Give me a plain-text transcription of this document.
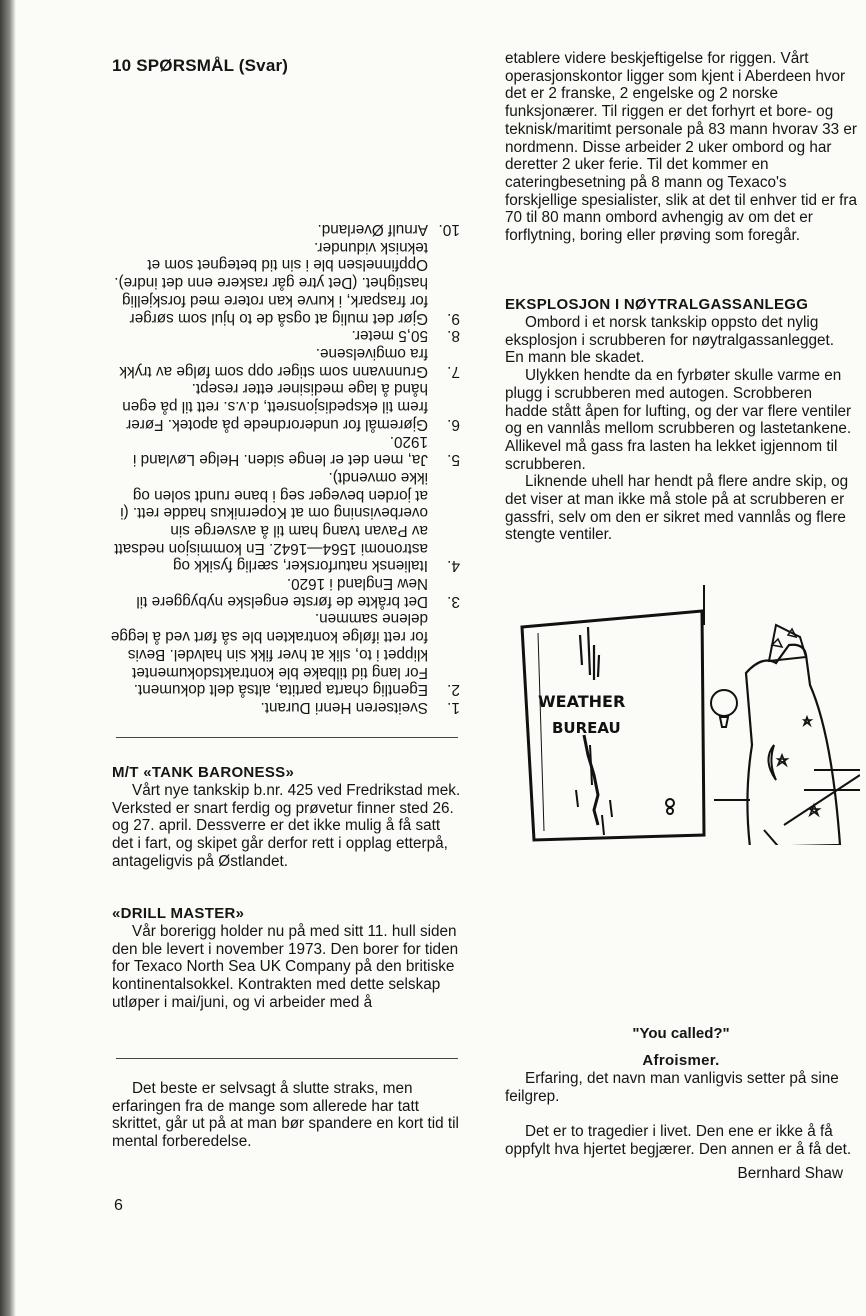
10 SPØRSMÅL (Svar)
1.

Sveitseren Henri Durant.

2.

Egentlig charta partita, altså delt dokument. For lang tid tilbake ble kontraktsdokumentet klippet i to, slik at hver fikk sin halvdel. Bevis for rett ifølge kontrakten ble så ført ved å legge delene sammen.

3.

Det bråkte de første engelske nybyggere til New England i 1620.

4.

Italiensk naturforsker, særlig fysikk og astronomi 1564—1642. En kommisjon nedsatt av Pavan tvang ham til å avsverge sin overbevisning om at Kopernikus hadde rett. (i at jorden beveger seg i bane rundt solen og ikke omvendt).

5.

Ja, men det er lenge siden. Helge Løvland i 1920.

6.

Gjøremål for underordnede på apotek. Fører frem til ekspedisjonsrett, d.v.s. rett til på egen hånd å lage medisiner etter resept.

7.

Grunnvann som stiger opp som følge av trykk fra omgivelsene.

8.

50,5 meter.

9.

Gjør det mulig at også de to hjul som sørger for fraspark, i kurve kan rotere med forskjellig hastighet. (Det ytre går raskere enn det indre). Oppfinnelsen ble i sin tid betegnet som et teknisk vidunder.

10.

Arnulf Øverland.

M/T «TANK BARONESS»

Vårt nye tankskip b.nr. 425 ved Fredrikstad mek. Verksted er snart ferdig og prøvetur finner sted 26. og 27. april. Dessverre er det ikke mulig å få satt det i fart, og skipet går derfor rett i opplag etterpå, antageligvis på Østlandet.

«DRILL MASTER»

Vår borerigg holder nu på med sitt 11. hull siden den ble levert i november 1973. Den borer for tiden for Texaco North Sea UK Company på den britiske kontinentalsokkel. Kontrakten med dette selskap utløper i mai/juni, og vi arbeider med å

Det beste er selvsagt å slutte straks, men erfaringen fra de mange som allerede har tatt skrittet, går ut på at man bør spandere en kort tid til mental forberedelse.

6

etablere videre beskjeftigelse for riggen. Vårt operasjonskontor ligger som kjent i Aberdeen hvor det er 2 franske, 2 engelske og 2 norske funksjonærer. Til riggen er det forhyrt et bore- og teknisk/maritimt personale på 83 mann hvorav 33 er nordmenn. Disse arbeider 2 uker ombord og har deretter 2 uker ferie. Til det kommer en cateringbesetning på 8 mann og Texaco's forskjellige spesialister, slik at det til enhver tid er fra 70 til 80 mann ombord avhengig av om det er forflytning, boring eller prøving som foregår.

EKSPLOSJON I NØYTRALGASSANLEGG

Ombord i et norsk tankskip oppsto det nylig eksplosjon i scrubberen for nøytralgassanlegget. En mann ble skadet.

Ulykken hendte da en fyrbøter skulle varme en plugg i scrubberen med autogen. Scrobberen hadde stått åpen for lufting, og der var flere ventiler og en vannlås mellom scrubberen og lastetankene. Allikevel må gass fra lasten ha lekket igjennom til scrubberen.

Liknende uhell har hendt på flere andre skip, og det viser at man ikke må stole på at scrubberen er gassfri, selv om den er sikret med vannlås og flere stengte ventiler.

WEATHER
BUREAU
"You called?"
Afroismer.

Erfaring, det navn man vanligvis setter på sine feilgrep.

Det er to tragedier i livet. Den ene er ikke å få oppfylt hva hjertet begjærer. Den annen er å få det.

Bernhard Shaw
